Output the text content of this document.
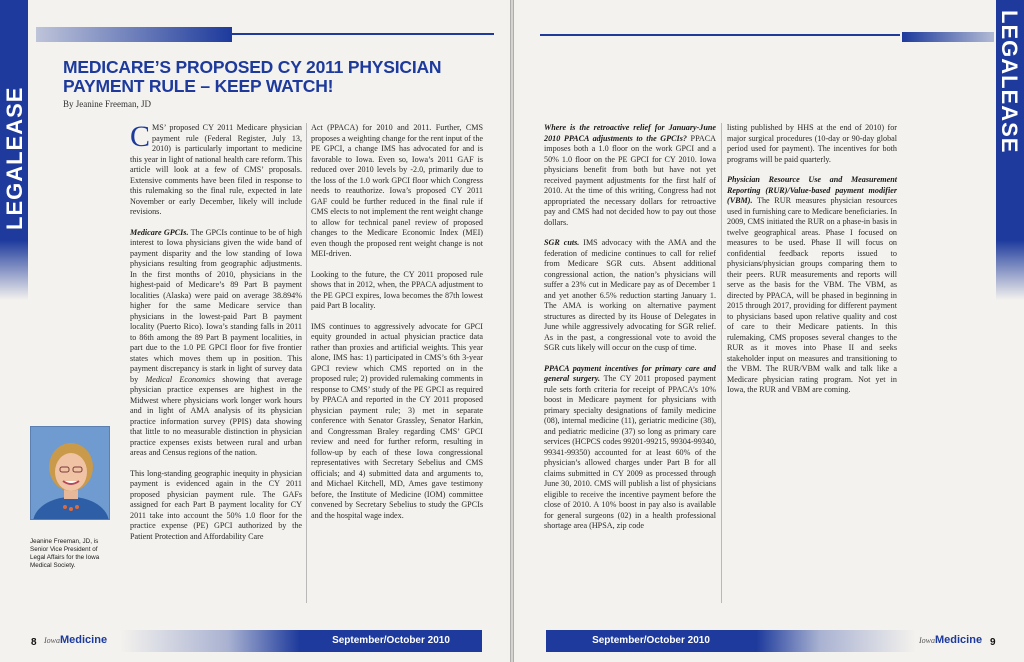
LEGALEASE
MEDICARE’S PROPOSED CY 2011 PHYSICIAN PAYMENT RULE – KEEP WATCH!
By Jeanine Freeman, JD

CMS’ proposed CY 2011 Medicare physician payment rule (Federal Register, July 13, 2010) is particularly important to medicine this year in light of national health care reform. This article will look at a few of CMS’ proposals. Extensive comments have been filed in response to this rulemaking so the final rule, expected in late November or early December, likely will include revisions.

Medicare GPCIs. The GPCIs continue to be of high interest to Iowa physicians given the wide band of payment disparity and the low standing of Iowa physicians resulting from geographic adjustments. In the first months of 2010, physicians in the highest-paid of Medicare’s 89 Part B payment localities (Alaska) were paid on average 38.894% higher for the same Medicare service than physicians in the lowest-paid Part B payment locality (Puerto Rico). Iowa’s standing falls in 2011 to 86th among the 89 Part B payment localities, in part due to the 1.0 PE GPCI floor for five frontier states which moves them up in position. This payment discrepancy is stark in light of survey data by Medical Economics showing that average physician practice expenses are highest in the Midwest where physicians work longer work hours and in light of AMA analysis of its physician practice information survey (PPIS) data showing that little to no measurable distinction in physician practice expenses exists between rural and urban areas and Census regions of the nation.

This long-standing geographic inequity in physician payment is evidenced again in the CY 2011 proposed physician payment rule. The GAFs assigned for each Part B payment locality for CY 2011 take into account the 50% 1.0 floor for the practice expense (PE) GPCI authorized by the Patient Protection and Affordability Care

Act (PPACA) for 2010 and 2011. Further, CMS proposes a weighting change for the rent input of the PE GPCI, a change IMS has advocated for and is favorable to Iowa. Even so, Iowa’s 2011 GAF is reduced over 2010 levels by -2.0, primarily due to the loss of the 1.0 work GPCI floor which Congress needs to reauthorize. Iowa’s proposed CY 2011 GAF could be further reduced in the final rule if CMS elects to not implement the rent weight change to allow for technical panel review of proposed changes to the Medicare Economic Index (MEI) even though the proposed rent weight change is not MEI-driven.

Looking to the future, the CY 2011 proposed rule shows that in 2012, when, the PPACA adjustment to the PE GPCI expires, Iowa becomes the 87th lowest paid Part B locality.

IMS continues to aggressively advocate for GPCI equity grounded in actual physician practice data rather than proxies and artificial weights. This year alone, IMS has: 1) participated in CMS’s 6th 3-year GPCI review which CMS reported on in the proposed rule; 2) provided rulemaking comments in response to CMS’ study of the PE GPCI as required by PPACA and reported in the CY 2011 proposed physician payment rule; 3) met in separate conference with Senator Grassley, Senator Harkin, and Congressman Braley regarding CMS’ GPCI review and need for further reform, resulting in follow-up by each of these Iowa congressional representatives with Secretary Sebelius and CMS officials; and 4) submitted data and arguments to, and Michael Kitchell, MD, Ames gave testimony before, the Institute of Medicine (IOM) committee convened by Secretary Sebelius to study the GPCIs and the hospital wage index.

Jeanine Freeman, JD, is Senior Vice President of Legal Affairs for the Iowa Medical Society.
8 IowaMedicine	September/October 2010
LEGALEASE

Where is the retroactive relief for January-June 2010 PPACA adjustments to the GPCIs? PPACA imposes both a 1.0 floor on the work GPCI and a 50% 1.0 floor on the PE GPCI for CY 2010. Iowa physicians benefit from both but have not yet received payment adjustments for the first half of 2010. At the time of this writing, Congress had not appropriated the necessary dollars for retroactive pay and CMS had not decided how to pay out those dollars.

SGR cuts. IMS advocacy with the AMA and the federation of medicine continues to call for relief from Medicare SGR cuts. Absent additional congressional action, the nation’s physicians will suffer a 23% cut in Medicare pay as of December 1 and yet another 6.5% reduction starting January 1. The AMA is working on alternative payment structures as directed by its House of Delegates in June while aggressively advocating for SGR relief. As in the past, a congressional vote to avoid the SGR cuts likely will occur on the cusp of time.

PPACA payment incentives for primary care and general surgery. The CY 2011 proposed payment rule sets forth criteria for receipt of PPACA’s 10% boost in Medicare payment for physicians with primary specialty designations of family medicine (08), internal medicine (11), geriatric medicine (38), and pediatric medicine (37) so long as primary care services (HCPCS codes 99201-99215, 99304-99340, 99341-99350) accounted for at least 60% of the physician’s allowed charges under Part B for all claims submitted in CY 2009 as processed through June 30, 2010. CMS will publish a list of physicians eligible to receive the incentive payment before the close of 2010. A 10% boost in pay also is available for general surgeons (02) in a health professional shortage area (HPSA, zip code

listing published by HHS at the end of 2010) for major surgical procedures (10-day or 90-day global period used for payment). The incentives for both programs will be paid quarterly.

Physician Resource Use and Measurement Reporting (RUR)/Value-based payment modifier (VBM). The RUR measures physician resources used in furnishing care to Medicare beneficiaries. In 2009, CMS initiated the RUR on a phase-in basis in twelve geographical areas. Phase I focused on measures to be used. Phase II will focus on confidential feedback reports issued to physicians/physician groups comparing them to their peers. RUR measurements and reports will serve as the basis for the VBM. The VBM, as directed by PPACA, will be phased in beginning in 2015 through 2017, providing for different payment to physicians based upon relative quality and cost of care to their Medicare patients. In this rulemaking, CMS proposes several changes to the RUR as it moves into Phase II and seeks stakeholder input on measures and transitioning to the VBM. The RUR/VBM walk and talk like a Medicare physician rating program. Not yet in Iowa, the RUR and VBM are coming.

September/October 2010	IowaMedicine 9
